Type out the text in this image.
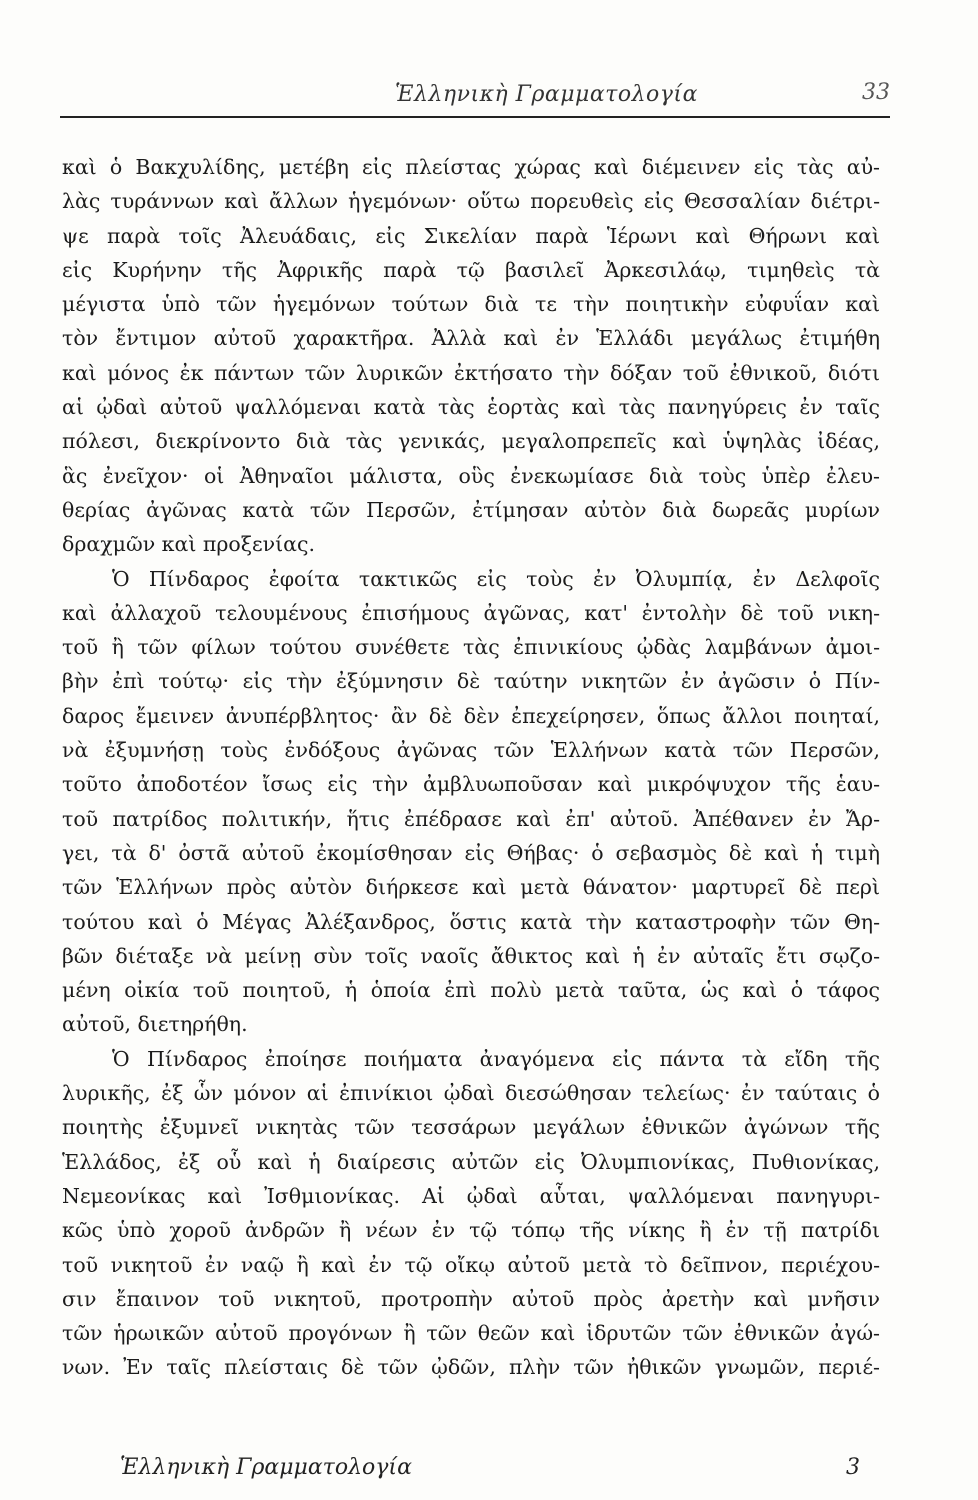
Ἑλληνικὴ Γραμματολογία	33
καὶ ὁ Βακχυλίδης, μετέβη εἰς πλείστας χώρας καὶ διέμεινεν εἰς τὰς αὐ-
λὰς τυράννων καὶ ἄλλων ἡγεμόνων· οὕτω πορευθεὶς εἰς Θεσσαλίαν διέτρι-
ψε παρὰ τοῖς Ἀλευάδαις, εἰς Σικελίαν παρὰ Ἱέρωνι καὶ Θήρωνι καὶ
εἰς Κυρήνην τῆς Ἀφρικῆς παρὰ τῷ βασιλεῖ Ἀρκεσιλάῳ, τιμηθεὶς τὰ
μέγιστα ὑπὸ τῶν ἡγεμόνων τούτων διὰ τε τὴν ποιητικὴν εὐφυΐαν καὶ
τὸν ἔντιμον αὐτοῦ χαρακτῆρα. Ἀλλὰ καὶ ἐν Ἑλλάδι μεγάλως ἐτιμήθη
καὶ μόνος ἐκ πάντων τῶν λυρικῶν ἐκτήσατο τὴν δόξαν τοῦ ἐθνικοῦ, διότι
αἱ ᾠδαὶ αὐτοῦ ψαλλόμεναι κατὰ τὰς ἑορτὰς καὶ τὰς πανηγύρεις ἐν ταῖς
πόλεσι, διεκρίνοντο διὰ τὰς γενικάς, μεγαλοπρεπεῖς καὶ ὑψηλὰς ἰδέας,
ἃς ἐνεῖχον· οἱ Ἀθηναῖοι μάλιστα, οὓς ἐνεκωμίασε διὰ τοὺς ὑπὲρ ἐλευ-
θερίας ἀγῶνας κατὰ τῶν Περσῶν, ἐτίμησαν αὐτὸν διὰ δωρεᾶς μυρίων
δραχμῶν καὶ προξενίας.
Ὁ Πίνδαρος ἐφοίτα τακτικῶς εἰς τοὺς ἐν Ὀλυμπίᾳ, ἐν Δελφοῖς
καὶ ἀλλαχοῦ τελουμένους ἐπισήμους ἀγῶνας, κατ' ἐντολὴν δὲ τοῦ νικη-
τοῦ ἢ τῶν φίλων τούτου συνέθετε τὰς ἐπινικίους ᾠδὰς λαμβάνων ἀμοι-
βὴν ἐπὶ τούτῳ· εἰς τὴν ἐξύμνησιν δὲ ταύτην νικητῶν ἐν ἀγῶσιν ὁ Πίν-
δαρος ἔμεινεν ἀνυπέρβλητος· ἂν δὲ δὲν ἐπεχείρησεν, ὅπως ἄλλοι ποιηταί,
νὰ ἐξυμνήσῃ τοὺς ἐνδόξους ἀγῶνας τῶν Ἑλλήνων κατὰ τῶν Περσῶν,
τοῦτο ἀποδοτέον ἴσως εἰς τὴν ἀμβλυωποῦσαν καὶ μικρόψυχον τῆς ἑαυ-
τοῦ πατρίδος πολιτικήν, ἥτις ἐπέδρασε καὶ ἐπ' αὐτοῦ. Ἀπέθανεν ἐν Ἄρ-
γει, τὰ δ' ὀστᾶ αὐτοῦ ἐκομίσθησαν εἰς Θήβας· ὁ σεβασμὸς δὲ καὶ ἡ τιμὴ
τῶν Ἑλλήνων πρὸς αὐτὸν διήρκεσε καὶ μετὰ θάνατον· μαρτυρεῖ δὲ περὶ
τούτου καὶ ὁ Μέγας Ἀλέξανδρος, ὅστις κατὰ τὴν καταστροφὴν τῶν Θη-
βῶν διέταξε νὰ μείνῃ σὺν τοῖς ναοῖς ἄθικτος καὶ ἡ ἐν αὐταῖς ἔτι σῳζο-
μένη οἰκία τοῦ ποιητοῦ, ἡ ὁποία ἐπὶ πολὺ μετὰ ταῦτα, ὡς καὶ ὁ τάφος
αὐτοῦ, διετηρήθη.
Ὁ Πίνδαρος ἐποίησε ποιήματα ἀναγόμενα εἰς πάντα τὰ εἴδη τῆς
λυρικῆς, ἐξ ὧν μόνον αἱ ἐπινίκιοι ᾠδαὶ διεσώθησαν τελείως· ἐν ταύταις ὁ
ποιητὴς ἐξυμνεῖ νικητὰς τῶν τεσσάρων μεγάλων ἐθνικῶν ἀγώνων τῆς
Ἑλλάδος, ἐξ οὗ καὶ ἡ διαίρεσις αὐτῶν εἰς Ὀλυμπιονίκας, Πυθιονίκας,
Νεμεονίκας καὶ Ἰσθμιονίκας. Αἱ ᾠδαὶ αὗται, ψαλλόμεναι πανηγυρι-
κῶς ὑπὸ χοροῦ ἀνδρῶν ἢ νέων ἐν τῷ τόπῳ τῆς νίκης ἢ ἐν τῇ πατρίδι
τοῦ νικητοῦ ἐν ναῷ ἢ καὶ ἐν τῷ οἴκῳ αὐτοῦ μετὰ τὸ δεῖπνον, περιέχου-
σιν ἔπαινον τοῦ νικητοῦ, προτροπὴν αὐτοῦ πρὸς ἀρετὴν καὶ μνῆσιν
τῶν ἡρωικῶν αὐτοῦ προγόνων ἢ τῶν θεῶν καὶ ἱδρυτῶν τῶν ἐθνικῶν ἀγώ-
νων. Ἐν ταῖς πλείσταις δὲ τῶν ᾠδῶν, πλὴν τῶν ἠθικῶν γνωμῶν, περιέ-
Ἑλληνικὴ Γραμματολογία	3
